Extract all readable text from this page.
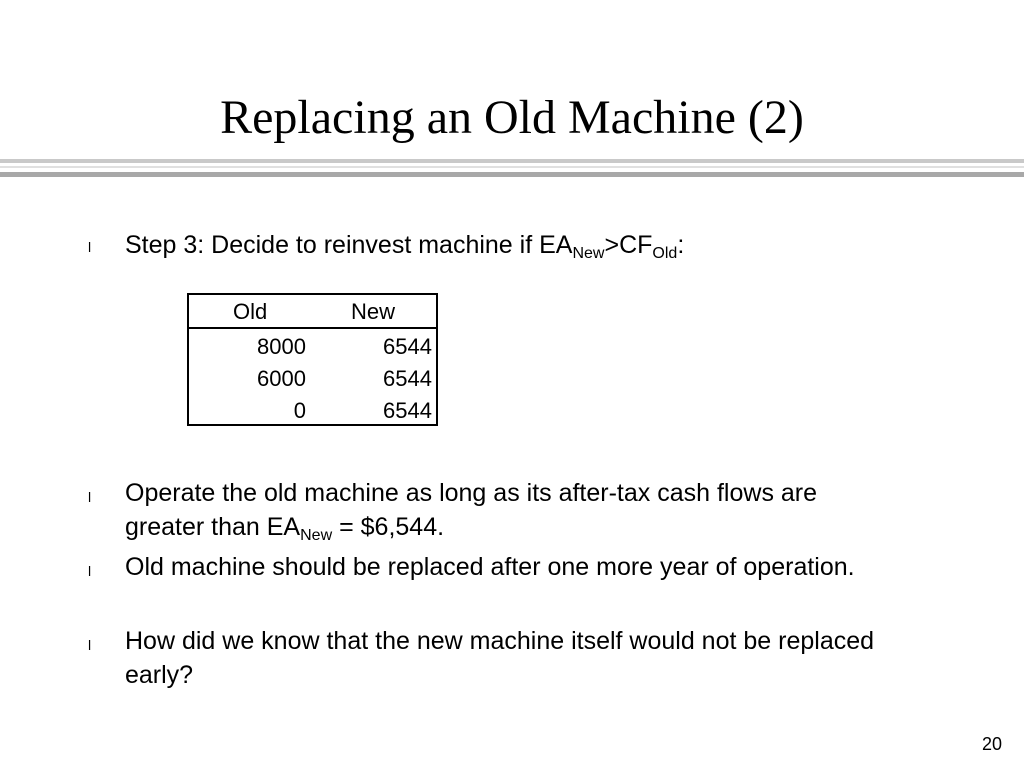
Replacing an Old Machine (2)
l Step 3: Decide to reinvest machine if $EA_{New}>CF_{Old}$:

Old	New
8000	6544
6000	6544
0	6544
l Operate the old machine as long as its after-tax cash flows are
greater than $EA_{New}$ = $6,544.

l Old machine should be replaced after one more year of operation.

l How did we know that the new machine itself would not be replaced early?

20
